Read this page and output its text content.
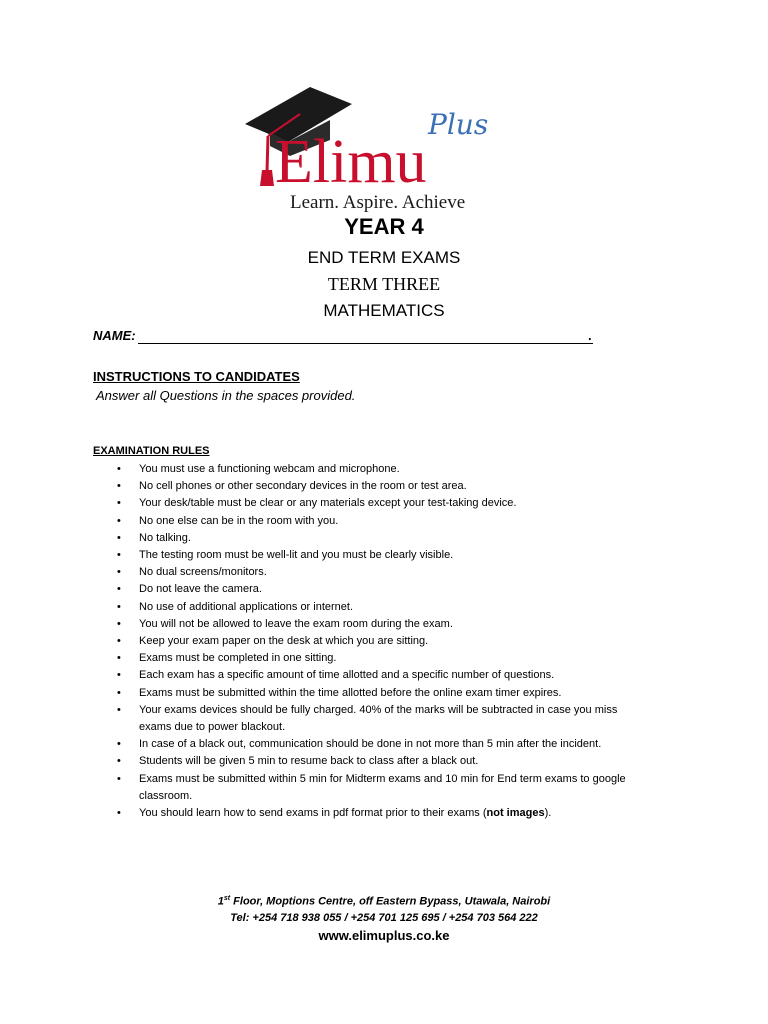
Elimu
Plus
Learn. Aspire. Achieve
YEAR 4
END TERM EXAMS
TERM THREE
MATHEMATICS
NAME:	.
INSTRUCTIONS TO CANDIDATES
Answer all Questions in the spaces provided.
EXAMINATION RULES
• You must use a functioning webcam and microphone.
• No cell phones or other secondary devices in the room or test area.
• Your desk/table must be clear or any materials except your test-taking device.
• No one else can be in the room with you.
• No talking.
• The testing room must be well-lit and you must be clearly visible.
• No dual screens/monitors.
• Do not leave the camera.
• No use of additional applications or internet.
• You will not be allowed to leave the exam room during the exam.
• Keep your exam paper on the desk at which you are sitting.
• Exams must be completed in one sitting.
• Each exam has a specific amount of time allotted and a specific number of questions.
• Exams must be submitted within the time allotted before the online exam timer expires.
• Your exams devices should be fully charged. 40% of the marks will be subtracted in case you miss
exams due to power blackout.
• In case of a black out, communication should be done in not more than 5 min after the incident.
• Students will be given 5 min to resume back to class after a black out.
• Exams must be submitted within 5 min for Midterm exams and 10 min for End term exams to google
classroom.
• You should learn how to send exams in pdf format prior to their exams (not images).
1st Floor, Moptions Centre, off Eastern Bypass, Utawala, Nairobi
Tel: +254 718 938 055 / +254 701 125 695 / +254 703 564 222
www.elimuplus.co.ke
